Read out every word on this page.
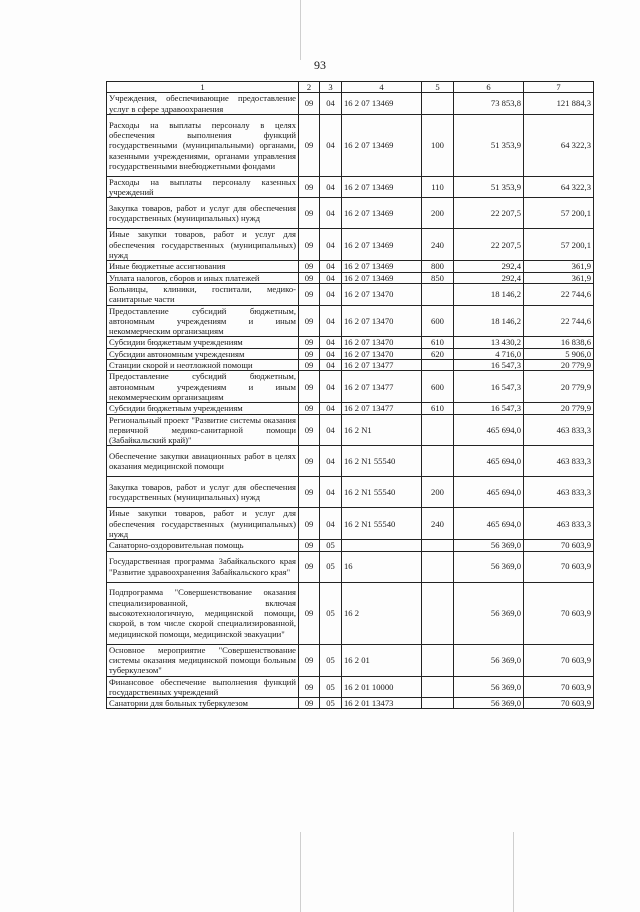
93
1	2	3	4	5	6	7
Учреждения, обеспечивающие предоставление услуг в сфере здравоохранения	09	04	16 2 07 13469		73 853,8	121 884,3
Расходы на выплаты персоналу в целях обеспечения выполнения функций государственными (муниципальными) органами, казенными учреждениями, органами управления государственными внебюджетными фондами	09	04	16 2 07 13469	100	51 353,9	64 322,3
Расходы на выплаты персоналу казенных учреждений	09	04	16 2 07 13469	110	51 353,9	64 322,3
Закупка товаров, работ и услуг для обеспечения государственных (муниципальных) нужд	09	04	16 2 07 13469	200	22 207,5	57 200,1
Иные закупки товаров, работ и услуг для обеспечения государственных (муниципальных) нужд	09	04	16 2 07 13469	240	22 207,5	57 200,1
Иные бюджетные ассигнования	09	04	16 2 07 13469	800	292,4	361,9
Уплата налогов, сборов и иных платежей	09	04	16 2 07 13469	850	292,4	361,9
Больницы, клиники, госпитали, медико-санитарные части	09	04	16 2 07 13470		18 146,2	22 744,6
Предоставление субсидий бюджетным, автономным учреждениям и иным некоммерческим организациям	09	04	16 2 07 13470	600	18 146,2	22 744,6
Субсидии бюджетным учреждениям	09	04	16 2 07 13470	610	13 430,2	16 838,6
Субсидии автономным учреждениям	09	04	16 2 07 13470	620	4 716,0	5 906,0
Станции скорой и неотложной помощи	09	04	16 2 07 13477		16 547,3	20 779,9
Предоставление субсидий бюджетным, автономным учреждениям и иным некоммерческим организациям	09	04	16 2 07 13477	600	16 547,3	20 779,9
Субсидии бюджетным учреждениям	09	04	16 2 07 13477	610	16 547,3	20 779,9
Региональный проект "Развитие системы оказания первичной медико-санитарной помощи (Забайкальский край)"	09	04	16 2 N1		465 694,0	463 833,3
Обеспечение закупки авиационных работ в целях оказания медицинской помощи	09	04	16 2 N1 55540		465 694,0	463 833,3
Закупка товаров, работ и услуг для обеспечения государственных (муниципальных) нужд	09	04	16 2 N1 55540	200	465 694,0	463 833,3
Иные закупки товаров, работ и услуг для обеспечения государственных (муниципальных) нужд	09	04	16 2 N1 55540	240	465 694,0	463 833,3
Санаторно-оздоровительная помощь	09	05			56 369,0	70 603,9
Государственная программа Забайкальского края "Развитие здравоохранения Забайкальского края"	09	05	16		56 369,0	70 603,9
Подпрограмма "Совершенствование оказания специализированной, включая высокотехнологичную, медицинской помощи, скорой, в том числе скорой специализированной, медицинской помощи, медицинской эвакуации"	09	05	16 2		56 369,0	70 603,9
Основное мероприятие "Совершенствование системы оказания медицинской помощи больным туберкулезом"	09	05	16 2 01		56 369,0	70 603,9
Финансовое обеспечение выполнения функций государственных учреждений	09	05	16 2 01 10000		56 369,0	70 603,9
Санатории для больных туберкулезом	09	05	16 2 01 13473		56 369,0	70 603,9
